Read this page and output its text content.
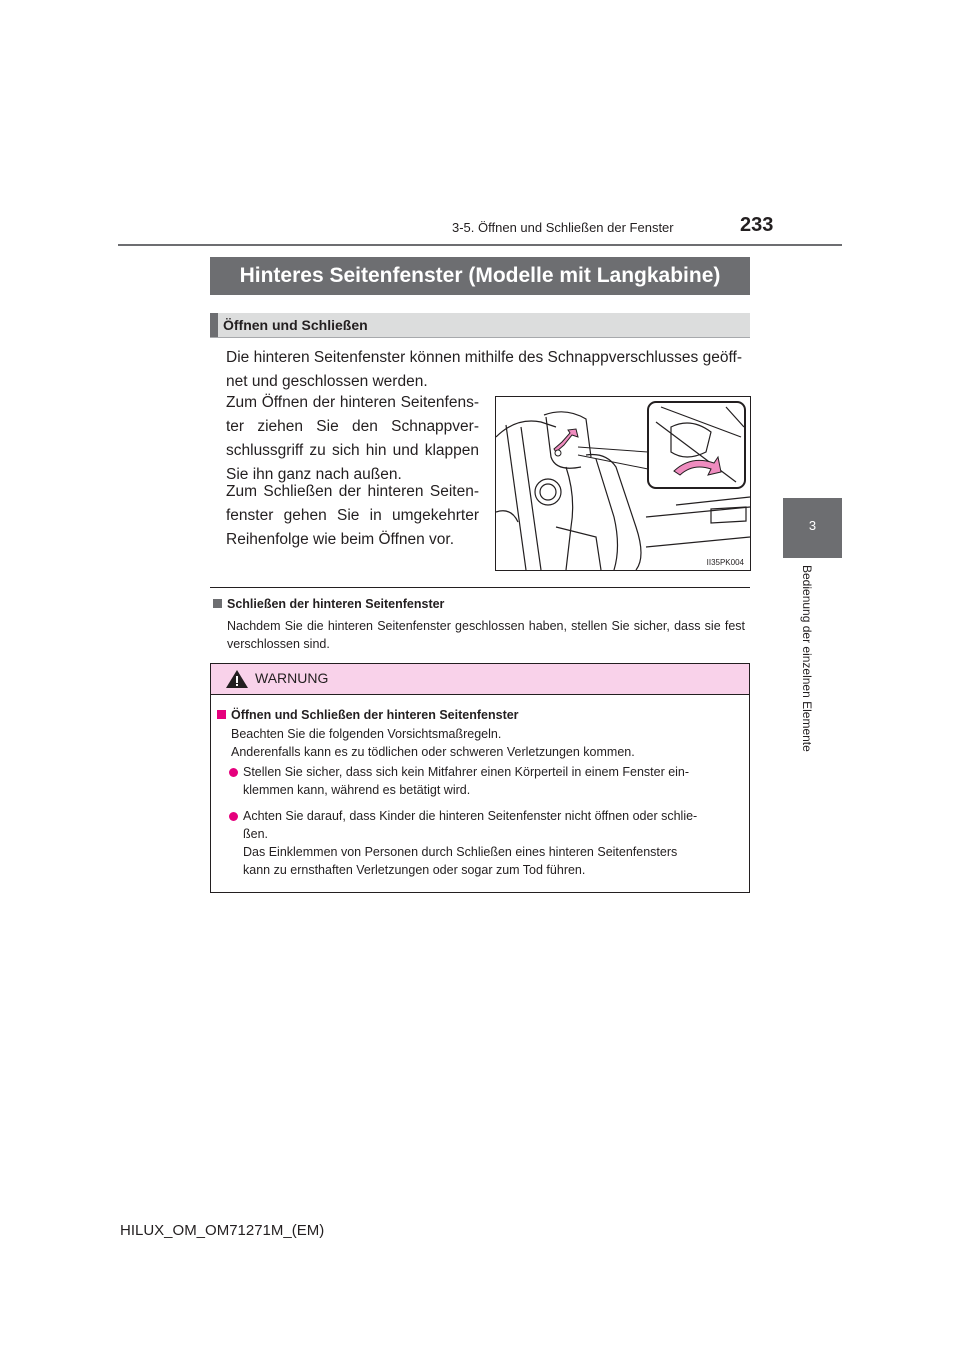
3-5. Öffnen und Schließen der Fenster	233
3
Bedienung der einzelnen Elemente
Hinteres Seitenfenster (Modelle mit Langkabine)
Öffnen und Schließen
Die hinteren Seitenfenster können mithilfe des Schnappverschlusses geöff-net und geschlossen werden.
Zum Öffnen der hinteren Seitenfens-ter ziehen Sie den Schnappver-schlussgriff zu sich hin und klappen Sie ihn ganz nach außen.
Zum Schließen der hinteren Seiten-fenster gehen Sie in umgekehrter Reihenfolge wie beim Öffnen vor.
II35PK004
Schließen der hinteren Seitenfenster
Nachdem Sie die hinteren Seitenfenster geschlossen haben, stellen Sie sicher, dass sie fest verschlossen sind.
WARNUNG
Öffnen und Schließen der hinteren Seitenfenster
Beachten Sie die folgenden Vorsichtsmaßregeln.
Anderenfalls kann es zu tödlichen oder schweren Verletzungen kommen.
Stellen Sie sicher, dass sich kein Mitfahrer einen Körperteil in einem Fenster ein-
klemmen kann, während es betätigt wird.
Achten Sie darauf, dass Kinder die hinteren Seitenfenster nicht öffnen oder schlie-
ßen.
Das Einklemmen von Personen durch Schließen eines hinteren Seitenfensters
kann zu ernsthaften Verletzungen oder sogar zum Tod führen.
HILUX_OM_OM71271M_(EM)
